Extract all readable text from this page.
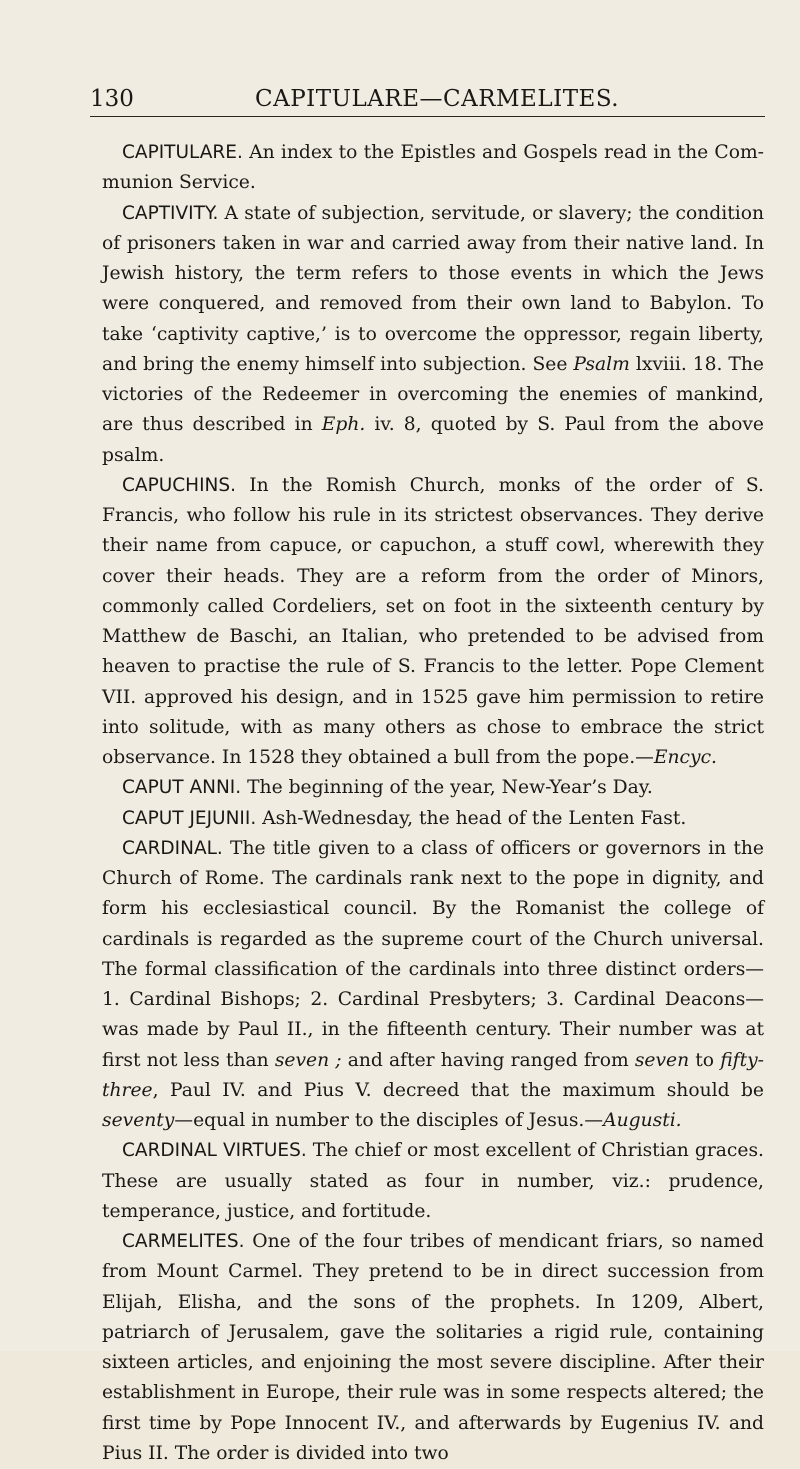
130	CAPITULARE—CARMELITES.

CAPITULARE. An index to the Epistles and Gospels read in the Communion Service.

CAPTIVITY. A state of subjection, servitude, or slavery; the condition of prisoners taken in war and carried away from their native land. In Jewish history, the term refers to those events in which the Jews were conquered, and removed from their own land to Babylon. To take ‘captivity captive,’ is to overcome the oppressor, regain liberty, and bring the enemy himself into subjection. See Psalm lxviii. 18. The victories of the Redeemer in overcoming the enemies of mankind, are thus described in Eph. iv. 8, quoted by S. Paul from the above psalm.

CAPUCHINS. In the Romish Church, monks of the order of S. Francis, who follow his rule in its strictest observances. They derive their name from capuce, or capuchon, a stuff cowl, wherewith they cover their heads. They are a reform from the order of Minors, commonly called Cordeliers, set on foot in the sixteenth century by Matthew de Baschi, an Italian, who pretended to be advised from heaven to practise the rule of S. Francis to the letter. Pope Clement VII. approved his design, and in 1525 gave him permission to retire into solitude, with as many others as chose to embrace the strict observance. In 1528 they obtained a bull from the pope.—Encyc.

CAPUT ANNI. The beginning of the year, New-Year’s Day.

CAPUT JEJUNII. Ash-Wednesday, the head of the Lenten Fast.

CARDINAL. The title given to a class of officers or governors in the Church of Rome. The cardinals rank next to the pope in dignity, and form his ecclesiastical council. By the Romanist the college of cardinals is regarded as the supreme court of the Church universal. The formal classification of the cardinals into three distinct orders— 1. Cardinal Bishops; 2. Cardinal Presbyters; 3. Cardinal Deacons—was made by Paul II., in the fifteenth century. Their number was at first not less than seven ; and after having ranged from seven to fifty-three, Paul IV. and Pius V. decreed that the maximum should be seventy—equal in number to the disciples of Jesus.—Augusti.

CARDINAL VIRTUES. The chief or most excellent of Christian graces. These are usually stated as four in number, viz.: prudence, temperance, justice, and fortitude.

CARMELITES. One of the four tribes of mendicant friars, so named from Mount Carmel. They pretend to be in direct succession from Elijah, Elisha, and the sons of the prophets. In 1209, Albert, patriarch of Jerusalem, gave the solitaries a rigid rule, containing sixteen articles, and enjoining the most severe discipline. After their establishment in Europe, their rule was in some respects altered; the first time by Pope Innocent IV., and afterwards by Eugenius IV. and Pius II. The order is divided into two
